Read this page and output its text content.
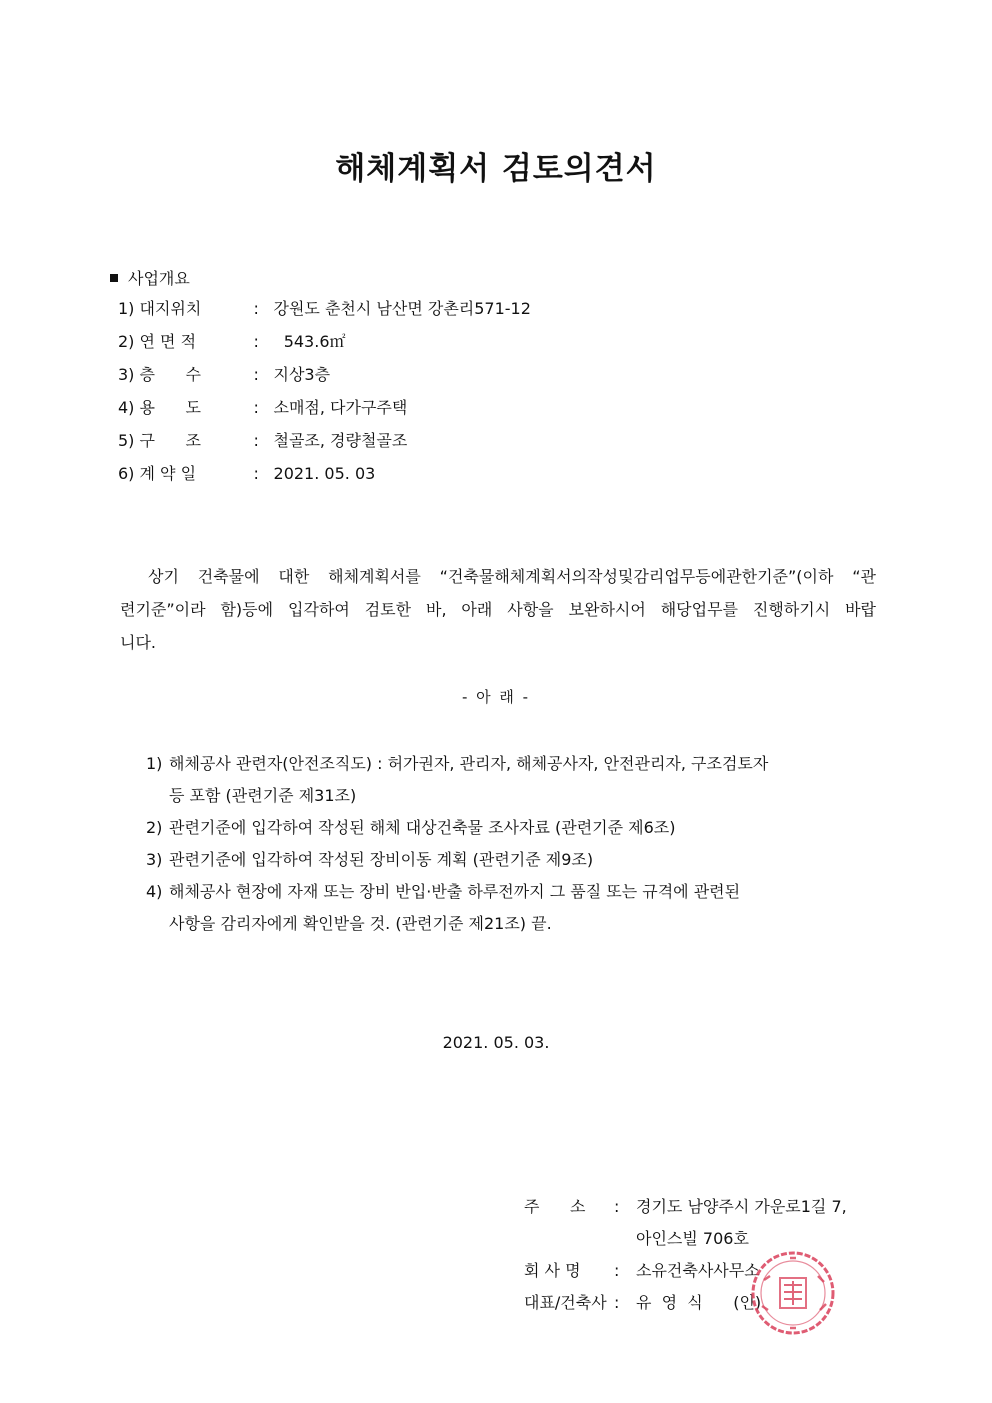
해체계획서 검토의견서
사업개요
1) 대지위치	: 강원도 춘천시 남산면 강촌리571-12
2) 연 면 적	:  543.6㎡
3) 층      수	: 지상3층
4) 용      도	: 소매점, 다가구주택
5) 구      조	: 철골조, 경량철골조
6) 계 약 일	: 2021. 05. 03
상기 건축물에 대한 해체계획서를 “건축물해체계획서의작성및감리업무등에관한기준”(이하 “관
련기준”이라 함)등에 입각하여 검토한 바, 아래 사항을 보완하시어 해당업무를 진행하기시 바랍
니다.
- 아 래 -
1) 해체공사 관련자(안전조직도) : 허가권자, 관리자, 해체공사자, 안전관리자, 구조검토자
등 포함 (관련기준 제31조)
2) 관련기준에 입각하여 작성된 해체 대상건축물 조사자료 (관련기준 제6조)
3) 관련기준에 입각하여 작성된 장비이동 계획 (관련기준 제9조)
4) 해체공사 현장에 자재 또는 장비 반입·반출 하루전까지 그 품질 또는 규격에 관련된
사항을 감리자에게 확인받을 것. (관련기준 제21조) 끝.
2021. 05. 03.
주      소 : 경기도 남양주시 가운로1길 7,
아인스빌 706호
회 사 명 : 소유건축사사무소
대표/건축사 : 유  영  식 (인)
